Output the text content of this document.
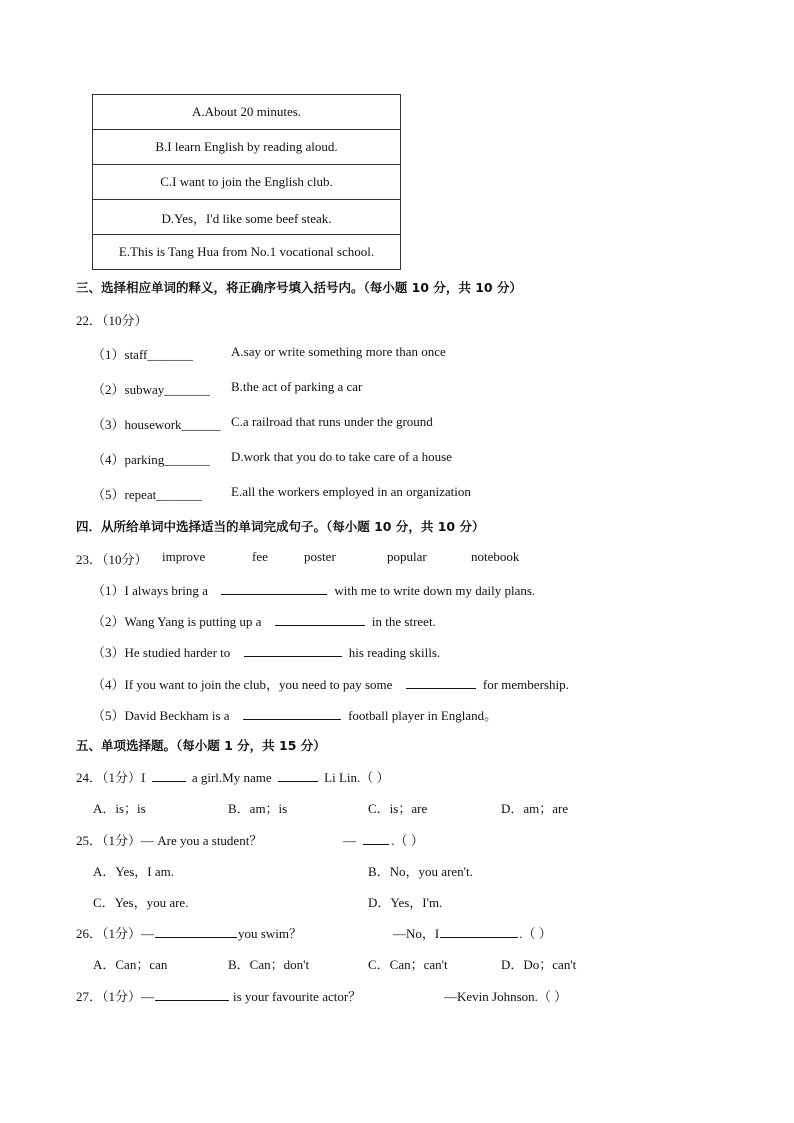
A.About 20 minutes.
B.I learn English by reading aloud.
C.I want to join the English club.
D.Yes，I'd like some beef steak.
E.This is Tang Hua from No.1 vocational school.
三、选择相应单词的释义，将正确序号填入括号内。（每小题 10 分，共 10 分）
22．（10分）
（1）staff_______	A.say or write something more than once
（2）subway_______ B.the act of parking a car
（3）housework______ C.a railroad that runs under the ground
（4）parking_______ D.work that you do to take care of a house
（5）repeat_______ E.all the workers employed in an organization
四．从所给单词中选择适当的单词完成句子。（每小题 10 分，共 10 分）
23．（10分） improve	fee	poster	popular	notebook
（1）I always bring a	with me to write down my daily plans.
（2）Wang Yang is putting up a	in the street.
（3）He studied harder to	his reading skills.
（4）If you want to join the club，you need to pay some	for membership.
（5）David Beckham is a	football player in England。
五、单项选择题。（每小题 1 分，共 15 分）
24．（1分）I	a girl.My name	Li Lin.（ ）
A．is；is	B．am；is	C．is；are	D．am；are
25．（1分）— Are you a student？	—	.（ ）
A．Yes，I am.	B．No，you aren't.
C．Yes，you are.	D．Yes，I'm.
26．（1分）—	you swim？	—No，I	.（ ）
A．Can；can	B．Can；don't	C．Can；can't	D．Do；can't
27．（1分）—	is your favourite actor？	—Kevin Johnson.（ ）
